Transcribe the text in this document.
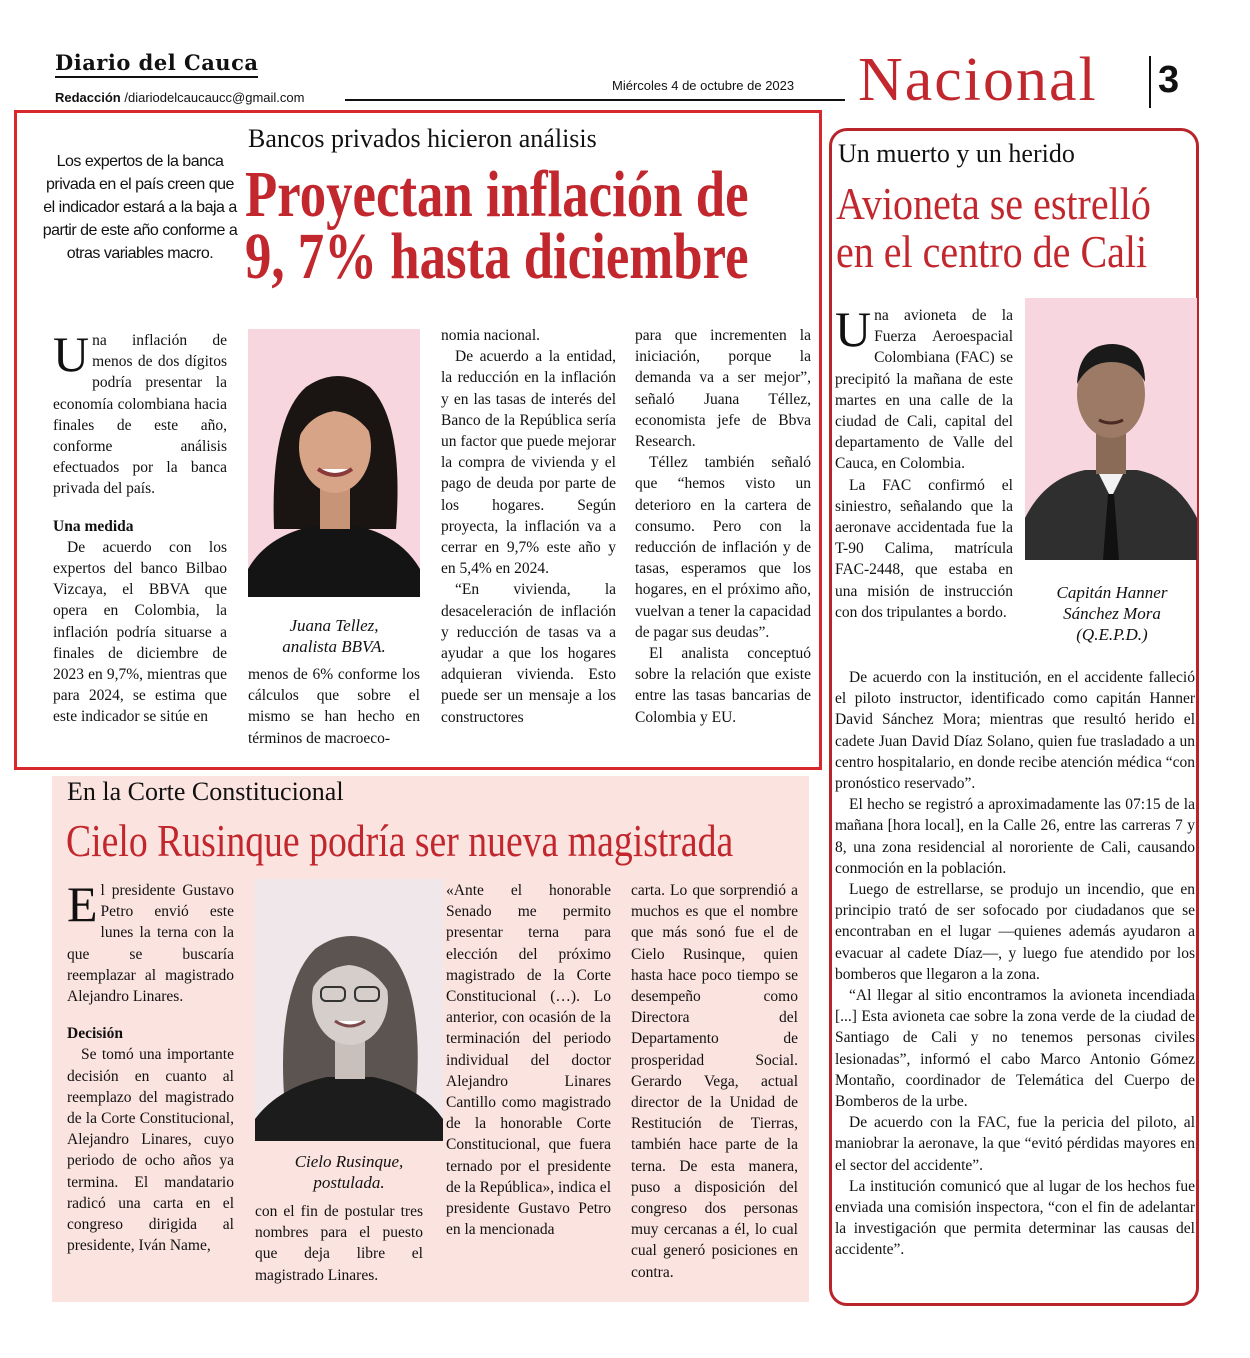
Diario del Cauca
Redacción /diariodelcaucaucc@gmail.com
Miércoles 4 de octubre de 2023 Nacional 3
Bancos privados hicieron análisis
Proyectan inflación de
9, 7% hasta diciembre
Los expertos de la banca privada en el país creen que el indicador estará a la baja a partir de este año conforme a otras variables macro.

Una inflación de menos de dos dígitos podría presentar la economía colombiana hacia finales de este año, conforme análisis efectuados por la banca privada del país.

Una medida

De acuerdo con los expertos del banco Bilbao Vizcaya, el BBVA que opera en Colombia, la inflación podría situarse a finales de diciembre de 2023 en 9,7%, mientras que para 2024, se estima que este indicador se sitúe en

Juana Tellez,
analista BBVA.

menos de 6% conforme los cálculos que sobre el mismo se han hecho en términos de macroeco-

nomia nacional.

De acuerdo a la entidad, la reducción en la inflación y en las tasas de interés del Banco de la República sería un factor que puede mejorar la compra de vivienda y el pago de deuda por parte de los hogares. Según proyecta, la inflación va a cerrar en 9,7% este año y en 5,4% en 2024.

“En vivienda, la desaceleración de inflación y reducción de tasas va a ayudar a que los hogares adquieran vivienda. Esto puede ser un mensaje a los constructores

para que incrementen la iniciación, porque la demanda va a ser mejor”, señaló Juana Téllez, economista jefe de Bbva Research.

Téllez también señaló que “hemos visto un deterioro en la cartera de consumo. Pero con la reducción de inflación y de tasas, esperamos que los hogares, en el próximo año, vuelvan a tener la capacidad de pagar sus deudas”.

El analista conceptuó sobre la relación que existe entre las tasas bancarias de Colombia y EU.

Un muerto y un herido
Avioneta se estrelló
en el centro de Cali

Una avioneta de la Fuerza Aeroespacial Colombiana (FAC) se precipitó la mañana de este martes en una calle de la ciudad de Cali, capital del departamento de Valle del Cauca, en Colombia.

La FAC confirmó el siniestro, señalando que la aeronave accidentada fue la T-90 Calima, matrícula FAC-2448, que estaba en una misión de instrucción con dos tripulantes a bordo.

Capitán Hanner
Sánchez Mora
(Q.E.P.D.)

De acuerdo con la institución, en el accidente falleció el piloto instructor, identificado como capitán Hanner David Sánchez Mora; mientras que resultó herido el cadete Juan David Díaz Solano, quien fue trasladado a un centro hospitalario, en donde recibe atención médica “con pronóstico reservado”.

El hecho se registró a aproximadamente las 07:15 de la mañana [hora local], en la Calle 26, entre las carreras 7 y 8, una zona residencial al nororiente de Cali, causando conmoción en la población.

Luego de estrellarse, se produjo un incendio, que en principio trató de ser sofocado por ciudadanos que se encontraban en el lugar —quienes además ayudaron a evacuar al cadete Díaz—, y luego fue atendido por los bomberos que llegaron a la zona.

“Al llegar al sitio encontramos la avioneta incendiada [...] Esta avioneta cae sobre la zona verde de la ciudad de Santiago de Cali y no tenemos personas civiles lesionadas”, informó el cabo Marco Antonio Gómez Montaño, coordinador de Telemática del Cuerpo de Bomberos de la urbe.

De acuerdo con la FAC, fue la pericia del piloto, al maniobrar la aeronave, la que “evitó pérdidas mayores en el sector del accidente”.

La institución comunicó que al lugar de los hechos fue enviada una comisión inspectora, “con el fin de adelantar la investigación que permita determinar las causas del accidente”.

En la Corte Constitucional
Cielo Rusinque podría ser nueva magistrada

El presidente Gustavo Petro envió este lunes la terna con la que se buscaría reemplazar al magistrado Alejandro Linares.

Decisión

Se tomó una importante decisión en cuanto al reemplazo del magistrado de la Corte Constitucional, Alejandro Linares, cuyo periodo de ocho años ya termina. El mandatario radicó una carta en el congreso dirigida al presidente, Iván Name,

Cielo Rusinque,
postulada.

con el fin de postular tres nombres para el puesto que deja libre el magistrado Linares.

«Ante el honorable Senado me permito presentar terna para elección del próximo magistrado de la Corte Constitucional (…). Lo anterior, con ocasión de la terminación del periodo individual del doctor Alejandro Linares Cantillo como magistrado de la honorable Corte Constitucional, que fuera ternado por el presidente de la República», indica el presidente Gustavo Petro en la mencionada

carta. Lo que sorprendió a muchos es que el nombre que más sonó fue el de Cielo Rusinque, quien hasta hace poco tiempo se desempeño como Directora del Departamento de prosperidad Social. Gerardo Vega, actual director de la Unidad de Restitución de Tierras, también hace parte de la terna. De esta manera, puso a disposición del congreso dos personas muy cercanas a él, lo cual cual generó posiciones en contra.
